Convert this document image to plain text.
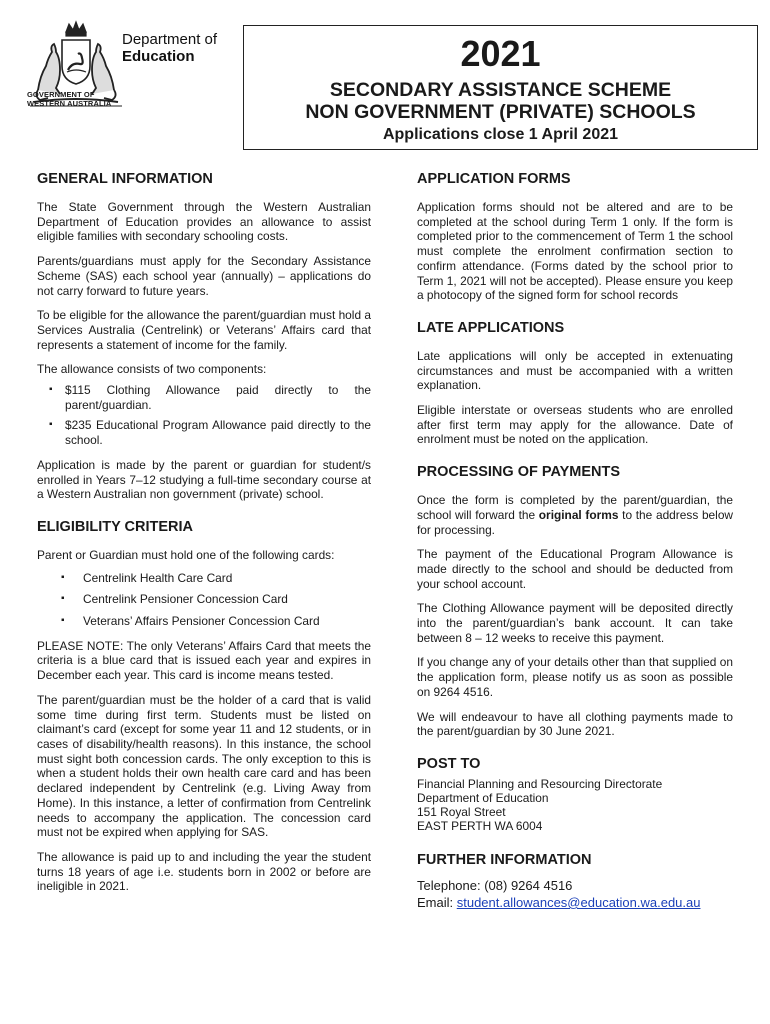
Department of
Education
GOVERNMENT OF
WESTERN AUSTRALIA
2021
SECONDARY ASSISTANCE SCHEME
NON GOVERNMENT (PRIVATE) SCHOOLS
Applications close 1 April 2021
GENERAL INFORMATION

The State Government through the Western Australian Department of Education provides an allowance to assist eligible families with secondary schooling costs.

Parents/guardians must apply for the Secondary Assistance Scheme (SAS) each school year (annually) – applications do not carry forward to future years.

To be eligible for the allowance the parent/guardian must hold a Services Australia (Centrelink) or Veterans’ Affairs card that represents a statement of income for the family.

The allowance consists of two components:

▪ $115 Clothing Allowance paid directly to the parent/guardian.
▪ $235 Educational Program Allowance paid directly to the school.

Application is made by the parent or guardian for student/s enrolled in Years 7–12 studying a full-time secondary course at a Western Australian non government (private) school.

ELIGIBILITY CRITERIA

Parent or Guardian must hold one of the following cards:

▪ Centrelink Health Care Card
▪ Centrelink Pensioner Concession Card
▪ Veterans’ Affairs Pensioner Concession Card

PLEASE NOTE: The only Veterans’ Affairs Card that meets the criteria is a blue card that is issued each year and expires in December each year. This card is income means tested.

The parent/guardian must be the holder of a card that is valid some time during first term. Students must be listed on claimant’s card (except for some year 11 and 12 students, or in cases of disability/health reasons). In this instance, the school must sight both concession cards. The only exception to this is when a student holds their own health care card and has been declared independent by Centrelink (e.g. Living Away from Home). In this instance, a letter of confirmation from Centrelink needs to accompany the application. The concession card must not be expired when applying for SAS.

The allowance is paid up to and including the year the student turns 18 years of age i.e. students born in 2002 or before are ineligible in 2021.

APPLICATION FORMS

Application forms should not be altered and are to be completed at the school during Term 1 only. If the form is completed prior to the commencement of Term 1 the school must complete the enrolment confirmation section to confirm attendance. (Forms dated by the school prior to Term 1, 2021 will not be accepted). Please ensure you keep a photocopy of the signed form for school records

LATE APPLICATIONS

Late applications will only be accepted in extenuating circumstances and must be accompanied with a written explanation.

Eligible interstate or overseas students who are enrolled after first term may apply for the allowance. Date of enrolment must be noted on the application.

PROCESSING OF PAYMENTS

Once the form is completed by the parent/guardian, the school will forward the original forms to the address below for processing.

The payment of the Educational Program Allowance is made directly to the school and should be deducted from your school account.

The Clothing Allowance payment will be deposited directly into the parent/guardian’s bank account. It can take between 8 – 12 weeks to receive this payment.

If you change any of your details other than that supplied on the application form, please notify us as soon as possible on 9264 4516.

We will endeavour to have all clothing payments made to the parent/guardian by 30 June 2021.

POST TO
Financial Planning and Resourcing Directorate
Department of Education
151 Royal Street
EAST PERTH WA 6004
FURTHER INFORMATION
Telephone: (08) 9264 4516
Email: student.allowances@education.wa.edu.au
